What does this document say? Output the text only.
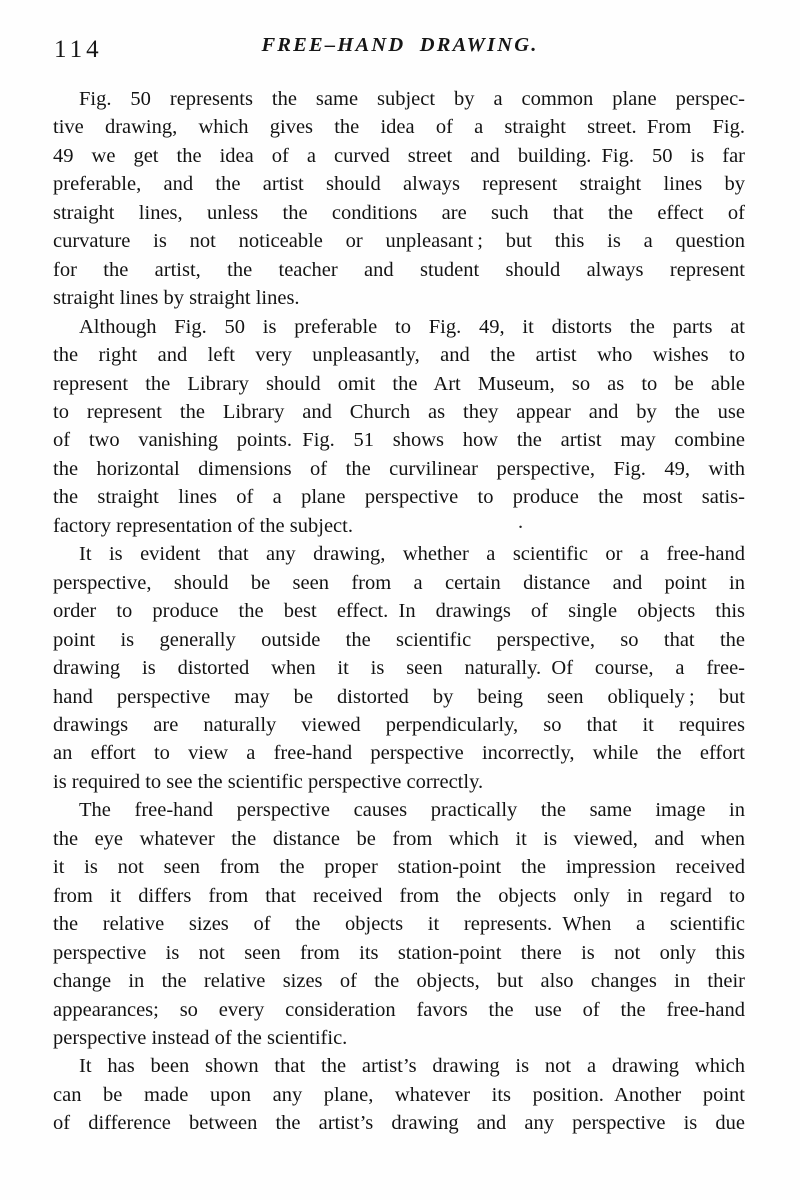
114	FREE–HAND DRAWING.
Fig. 50 represents the same subject by a common plane perspec-
tive drawing, which gives the idea of a straight street. From Fig.
49 we get the idea of a curved street and building. Fig. 50 is far
preferable, and the artist should always represent straight lines by
straight lines, unless the conditions are such that the effect of
curvature is not noticeable or unpleasant ; but this is a question
for the artist, the teacher and student should always represent
straight lines by straight lines.
Although Fig. 50 is preferable to Fig. 49, it distorts the parts at
the right and left very unpleasantly, and the artist who wishes to
represent the Library should omit the Art Museum, so as to be able
to represent the Library and Church as they appear and by the use
of two vanishing points. Fig. 51 shows how the artist may combine
the horizontal dimensions of the curvilinear perspective, Fig. 49, with
the straight lines of a plane perspective to produce the most satis-
factory representation of the subject.
It is evident that any drawing, whether a scientific or a free-hand
perspective, should be seen from a certain distance and point in
order to produce the best effect. In drawings of single objects this
point is generally outside the scientific perspective, so that the
drawing is distorted when it is seen naturally. Of course, a free-
hand perspective may be distorted by being seen obliquely ; but
drawings are naturally viewed perpendicularly, so that it requires
an effort to view a free-hand perspective incorrectly, while the effort
is required to see the scientific perspective correctly.
The free-hand perspective causes practically the same image in
the eye whatever the distance be from which it is viewed, and when
it is not seen from the proper station-point the impression received
from it differs from that received from the objects only in regard to
the relative sizes of the objects it represents. When a scientific
perspective is not seen from its station-point there is not only this
change in the relative sizes of the objects, but also changes in their
appearances; so every consideration favors the use of the free-hand
perspective instead of the scientific.
It has been shown that the artist’s drawing is not a drawing which
can be made upon any plane, whatever its position. Another point
of difference between the artist’s drawing and any perspective is due
.
